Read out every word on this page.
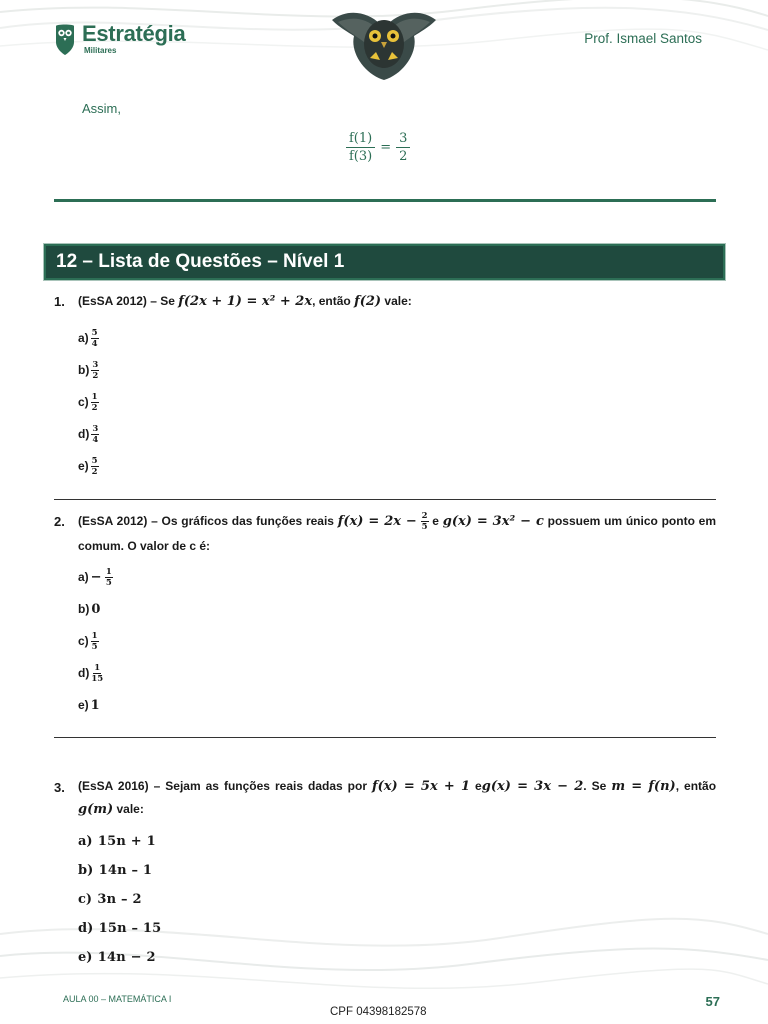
Estratégia
Militares
Prof. Ismael Santos
Assim,
$\frac{f(1)}{f(3)} = \frac{3}{2}$
12 – Lista de Questões – Nível 1
1.	(EsSA 2012) – Se f(2x + 1) = x² + 2x, então f(2) vale:
$a) \frac{5}{4}$
$b) \frac{3}{2}$
$c) \frac{1}{2}$
$d) \frac{3}{4}$
$e) \frac{5}{2}$
2.	(EsSA 2012) – Os gráficos das funções reais $f(x) = 2x - \frac{2}{5}$ e g(x) = 3x² − c possuem um único ponto em comum. O valor de c é:
a) −
$\frac{1}{5}$
b) 0
$c) \frac{1}{5}$
$d) \frac{1}{15}$
e) 1
3.	(EsSA 2016) – Sejam as funções reais dadas por f(x) = 5x + 1 eg(x) = 3x − 2. Se m = f(n), então g(m) vale:
a)
15n + 1
b)
14n – 1
c)
3n – 2
d)
15n – 15
e)
14n − 2
AULA 00 – MATEMÁTICA I	57
CPF 04398182578
